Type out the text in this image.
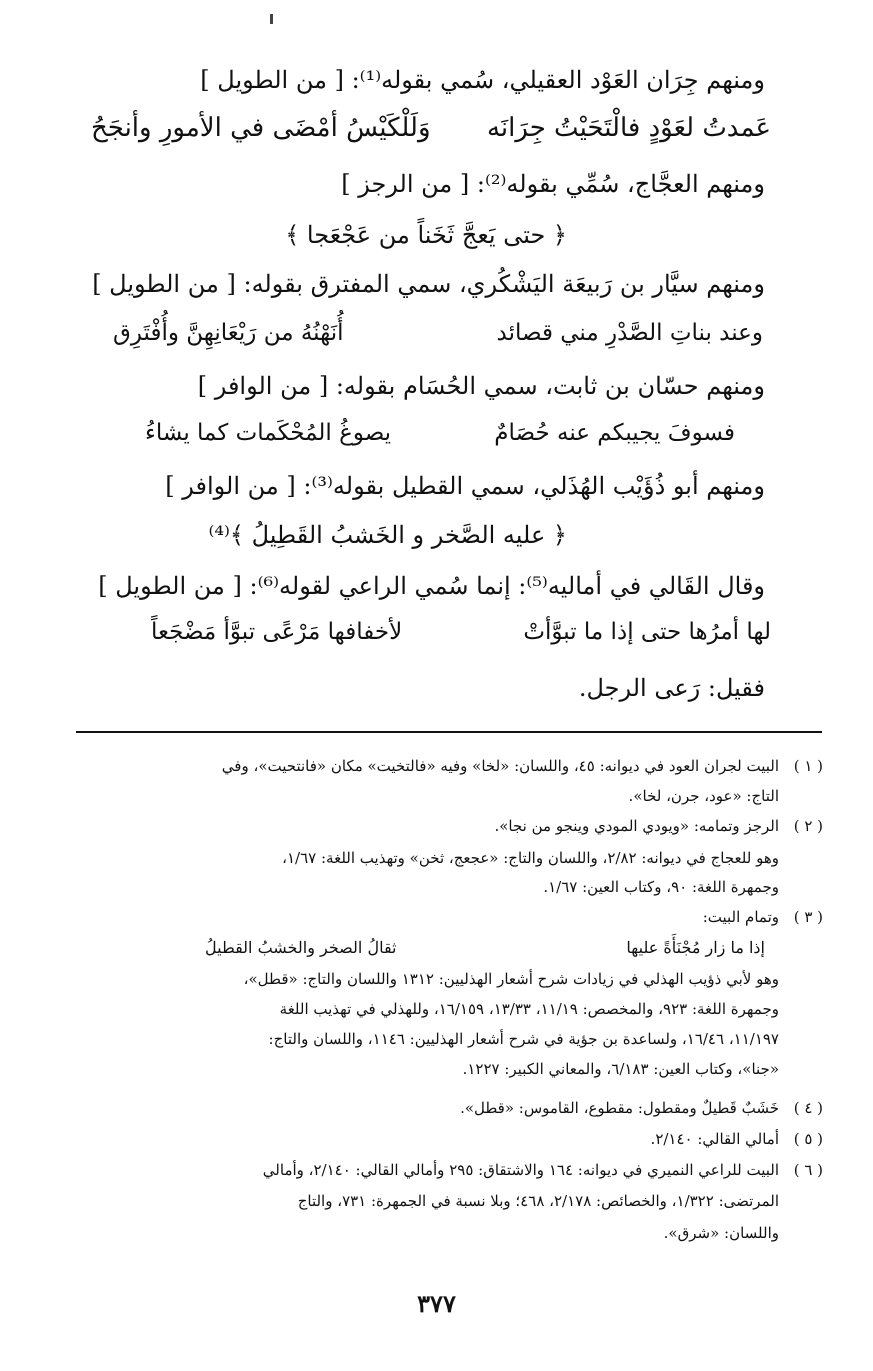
ومنهم جِرَان العَوْد العقيلي، سُمي بقوله⁽¹⁾: [ من الطويل ]
عَمدتُ لعَوْدٍ فالْتَحَيْتُ جِرَانَه
وَلَلْكَيْسُ أمْضَى في الأمورِ وأنجَحُ
ومنهم العجَّاج، سُمِّي بقوله⁽²⁾: [ من الرجز ]
﴿ حتى يَعجَّ ثَخَناً من عَجْعَجا ﴾
ومنهم سيَّار بن رَبيعَة اليَشْكُري، سمي المفترق بقوله: [ من الطويل ]
وعند بناتِ الصَّدْرِ مني قصائد
أُنَهْنُهُ من رَيْعَانِهِنَّ وأُفْتَرِق
ومنهم حسّان بن ثابت، سمي الحُسَام بقوله: [ من الوافر ]
فسوفَ يجيبكم عنه حُصَامٌ
يصوغُ المُحْكَمات كما يشاءُ
ومنهم أبو ذُؤَيْب الهُذَلي، سمي القطيل بقوله⁽³⁾: [ من الوافر ]
﴿ عليه الصَّخر و الخَشبُ القَطِيلُ ﴾⁽⁴⁾
وقال القَالي في أماليه⁽⁵⁾: إنما سُمي الراعي لقوله⁽⁶⁾: [ من الطويل ]
لها أمرُها حتى إذا ما تبوَّأتْ
لأخفافها مَرْعًى تبوَّأ مَضْجَعاً
فقيل: رَعى الرجل.
( ١ )البيت لجران العود في ديوانه: ٤٥، واللسان: «لخا» وفيه «فالتخيت» مكان «فانتحيت»، وفي
التاج: «عود، جرن، لخا».
( ٢ )الرجز وتمامه: «ويودي المودي وينجو من نجا».
وهو للعجاج في ديوانه: ٢/٨٢، واللسان والتاج: «عجعج، ثخن» وتهذيب اللغة: ١/٦٧،
وجمهرة اللغة: ٩٠، وكتاب العين: ١/٦٧.
( ٣ )وتمام البيت:
إذا ما زار مُجْنَأَةً عليها
ثقالُ الصخر والخشبُ القطيلُ
وهو لأبي ذؤيب الهذلي في زيادات شرح أشعار الهذليين: ١٣١٢ واللسان والتاج: «قطل»،
وجمهرة اللغة: ٩٢٣، والمخصص: ١١/١٩، ١٣/٣٣، ١٦/١٥٩، وللهذلي في تهذيب اللغة
١١/١٩٧، ١٦/٤٦، ولساعدة بن جؤية في شرح أشعار الهذليين: ١١٤٦، واللسان والتاج:
«جنا»، وكتاب العين: ٦/١٨٣، والمعاني الكبير: ١٢٢٧.
( ٤ )خَشَبٌ قَطيلٌ ومقطول: مقطوع، القاموس: «قطل».
( ٥ )أمالي القالي: ٢/١٤٠.
( ٦ )البيت للراعي النميري في ديوانه: ١٦٤ والاشتقاق: ٢٩٥ وأمالي القالي: ٢/١٤٠، وأمالي
المرتضى: ١/٣٢٢، والخصائص: ٢/١٧٨، ٤٦٨؛ وبلا نسبة في الجمهرة: ٧٣١، والتاج
واللسان: «شرق».
٣٧٧
